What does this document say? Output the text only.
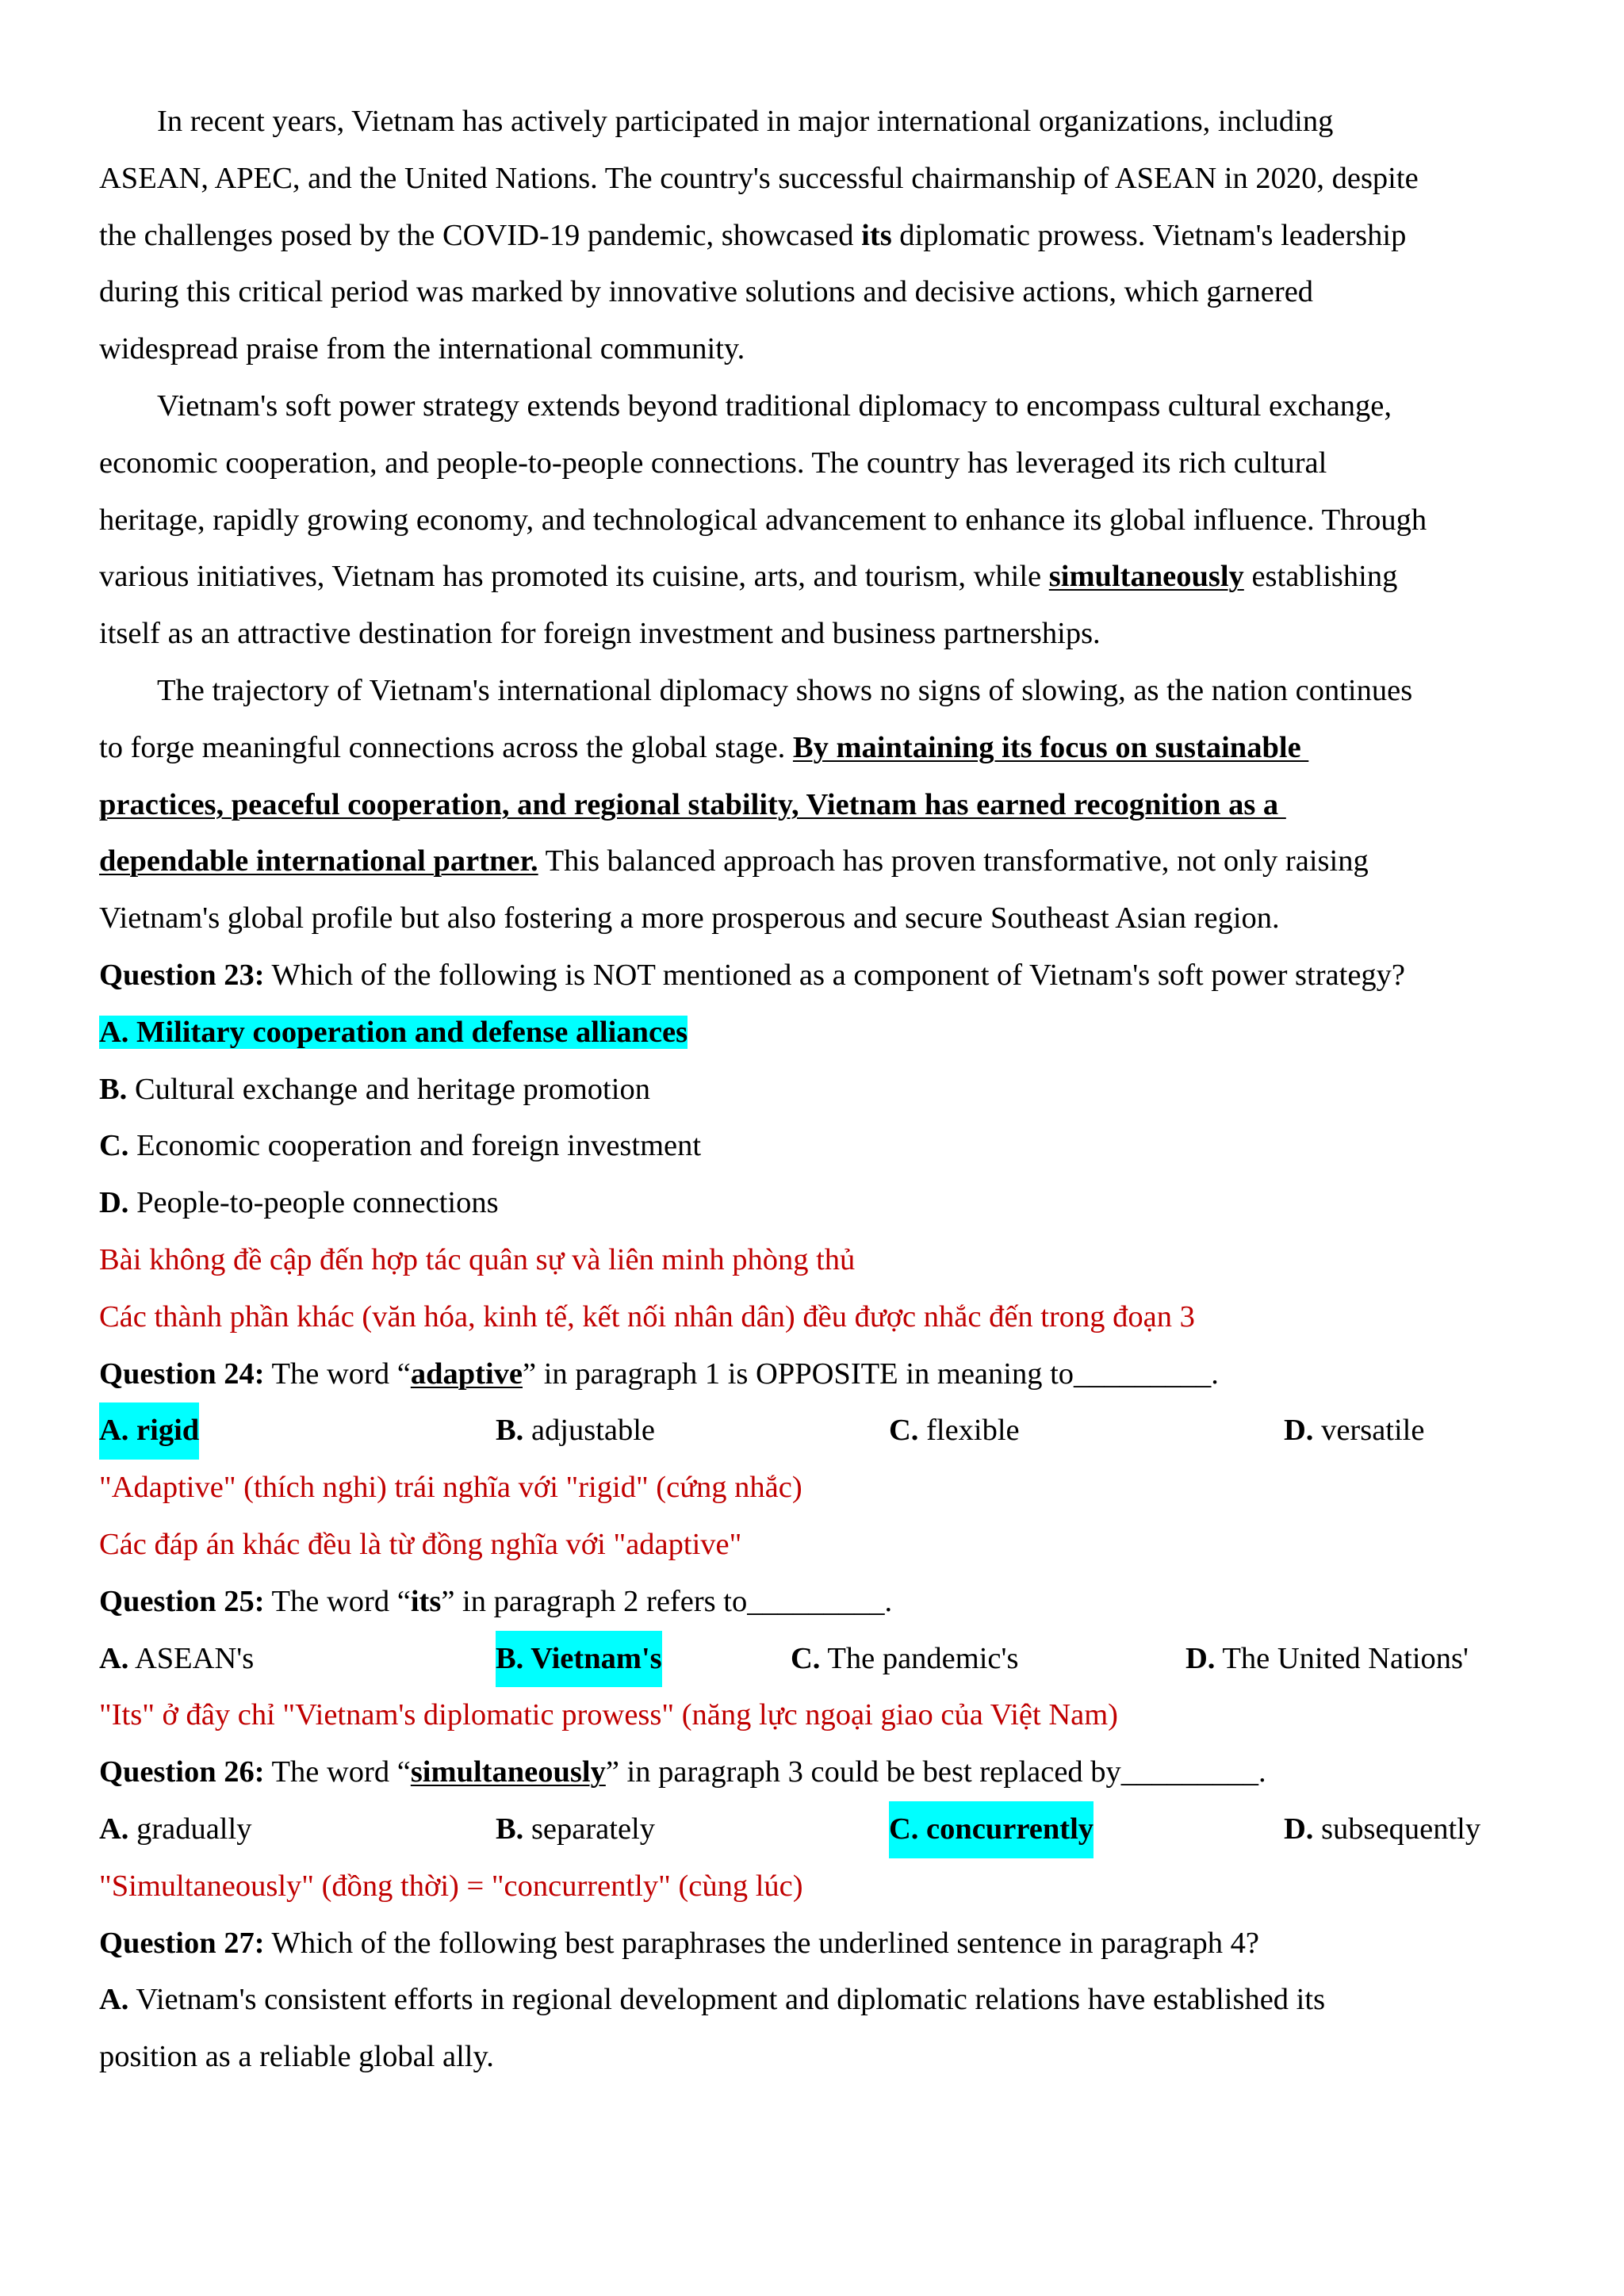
In recent years, Vietnam has actively participated in major international organizations, including
ASEAN, APEC, and the United Nations. The country's successful chairmanship of ASEAN in 2020, despite
the challenges posed by the COVID-19 pandemic, showcased its diplomatic prowess. Vietnam's leadership
during this critical period was marked by innovative solutions and decisive actions, which garnered
widespread praise from the international community.
Vietnam's soft power strategy extends beyond traditional diplomacy to encompass cultural exchange,
economic cooperation, and people-to-people connections. The country has leveraged its rich cultural
heritage, rapidly growing economy, and technological advancement to enhance its global influence. Through
various initiatives, Vietnam has promoted its cuisine, arts, and tourism, while simultaneously establishing
itself as an attractive destination for foreign investment and business partnerships.
The trajectory of Vietnam's international diplomacy shows no signs of slowing, as the nation continues
to forge meaningful connections across the global stage. By maintaining its focus on sustainable
practices, peaceful cooperation, and regional stability, Vietnam has earned recognition as a
dependable international partner. This balanced approach has proven transformative, not only raising
Vietnam's global profile but also fostering a more prosperous and secure Southeast Asian region.
Question 23: Which of the following is NOT mentioned as a component of Vietnam's soft power strategy?
A. Military cooperation and defense alliances
B. Cultural exchange and heritage promotion
C. Economic cooperation and foreign investment
D. People-to-people connections
Bài không đề cập đến hợp tác quân sự và liên minh phòng thủ
Các thành phần khác (văn hóa, kinh tế, kết nối nhân dân) đều được nhắc đến trong đoạn 3
Question 24: The word “adaptive” in paragraph 1 is OPPOSITE in meaning to_________.
A. rigid	B. adjustable	C. flexible	D. versatile
"Adaptive" (thích nghi) trái nghĩa với "rigid" (cứng nhắc)
Các đáp án khác đều là từ đồng nghĩa với "adaptive"
Question 25: The word “its” in paragraph 2 refers to_________.
A. ASEAN's	B. Vietnam's	C. The pandemic's	D. The United Nations'
"Its" ở đây chỉ "Vietnam's diplomatic prowess" (năng lực ngoại giao của Việt Nam)
Question 26: The word “simultaneously” in paragraph 3 could be best replaced by_________.
A. gradually	B. separately	C. concurrently	D. subsequently
"Simultaneously" (đồng thời) = "concurrently" (cùng lúc)
Question 27: Which of the following best paraphrases the underlined sentence in paragraph 4?
A. Vietnam's consistent efforts in regional development and diplomatic relations have established its
position as a reliable global ally.
